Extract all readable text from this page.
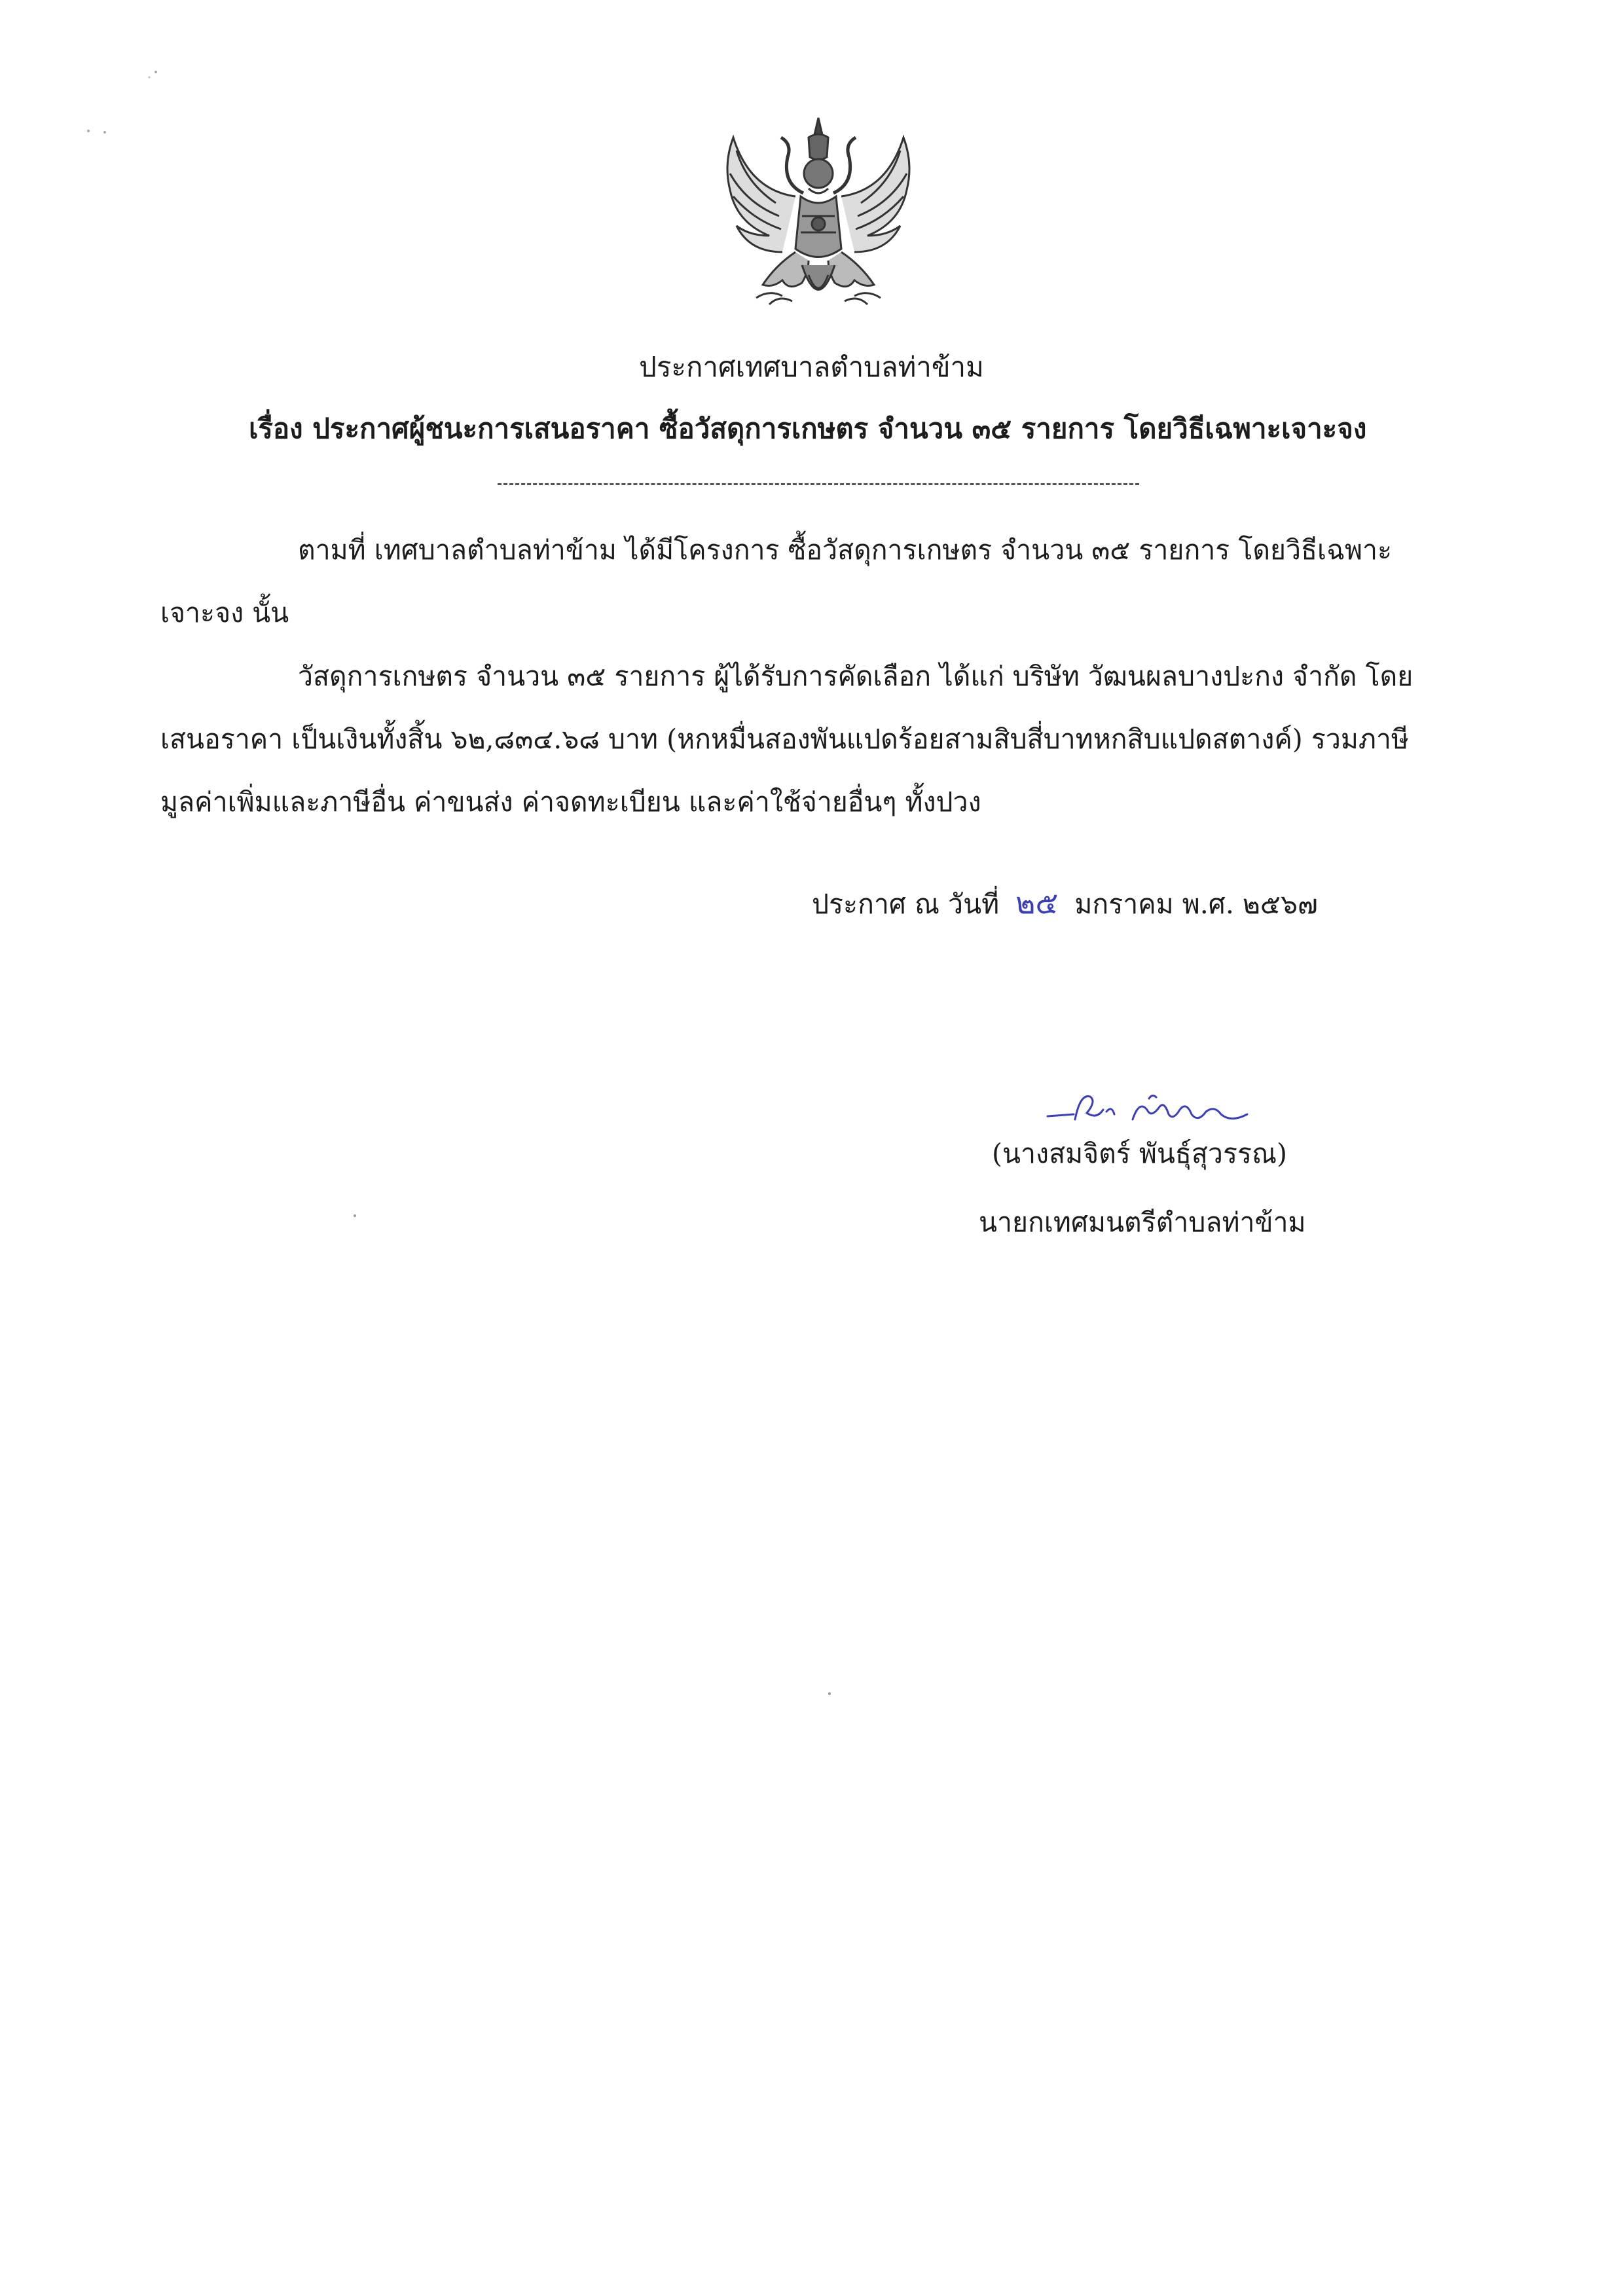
ประกาศเทศบาลตำบลท่าข้าม
เรื่อง ประกาศผู้ชนะการเสนอราคา ซื้อวัสดุการเกษตร จำนวน ๓๕ รายการ โดยวิธีเฉพาะเจาะจง
ตามที่ เทศบาลตำบลท่าข้าม ได้มีโครงการ ซื้อวัสดุการเกษตร จำนวน ๓๕ รายการ โดยวิธีเฉพาะ
เจาะจง นั้น
วัสดุการเกษตร จำนวน ๓๕ รายการ ผู้ได้รับการคัดเลือก ได้แก่ บริษัท วัฒนผลบางปะกง จำกัด โดย
เสนอราคา เป็นเงินทั้งสิ้น ๖๒,๘๓๔.๖๘ บาท (หกหมื่นสองพันแปดร้อยสามสิบสี่บาทหกสิบแปดสตางค์) รวมภาษี
มูลค่าเพิ่มและภาษีอื่น ค่าขนส่ง ค่าจดทะเบียน และค่าใช้จ่ายอื่นๆ ทั้งปวง
ประกาศ ณ วันที่ ๒๕ มกราคม พ.ศ. ๒๕๖๗
(นางสมจิตร์ พันธุ์สุวรรณ)
นายกเทศมนตรีตำบลท่าข้าม
